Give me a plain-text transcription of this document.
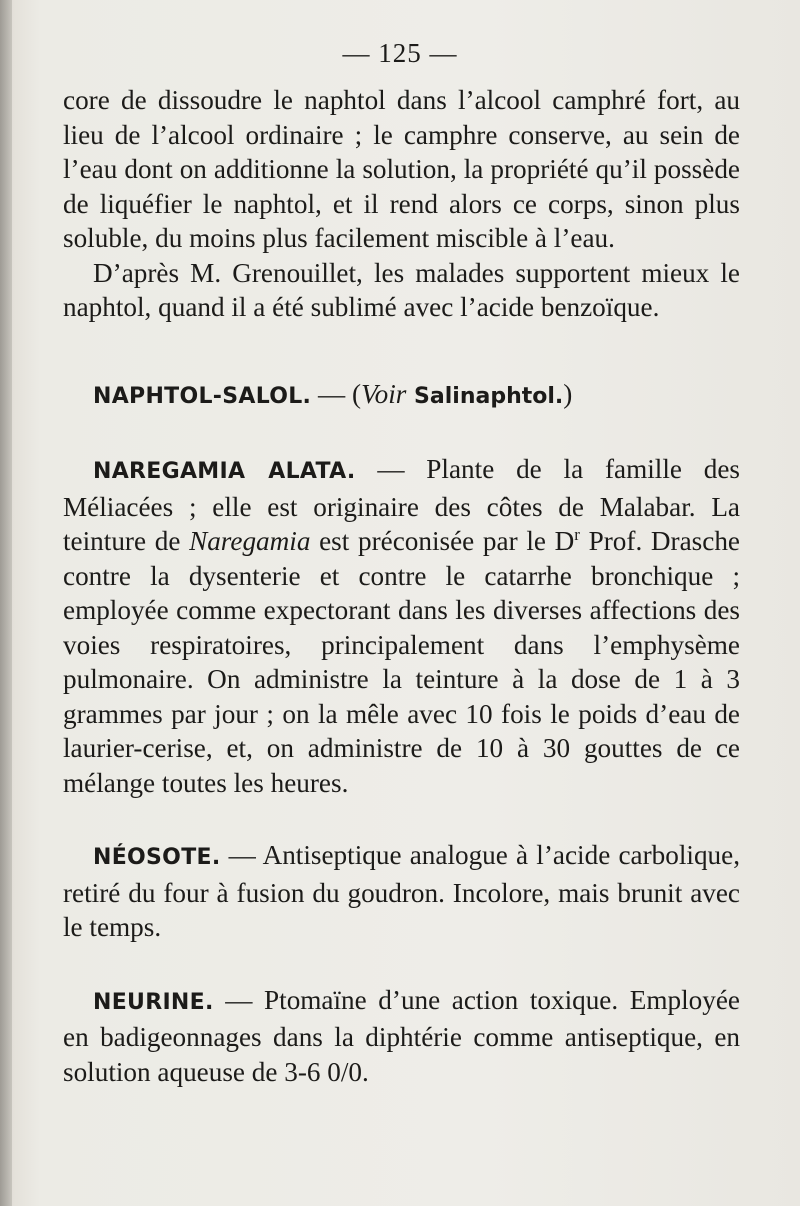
— 125 —

core de dissoudre le naphtol dans l’alcool camphré fort, au lieu de l’alcool ordinaire ; le camphre conserve, au sein de l’eau dont on additionne la solution, la propriété qu’il possède de liquéfier le naphtol, et il rend alors ce corps, sinon plus soluble, du moins plus facilement miscible à l’eau.

D’après M. Grenouillet, les malades supportent mieux le naphtol, quand il a été sublimé avec l’acide benzoïque.

NAPHTOL-SALOL. — (Voir Salinaphtol.)

NAREGAMIA ALATA. — Plante de la famille des Méliacées ; elle est originaire des côtes de Malabar. La teinture de Naregamia est préconisée par le $D^r$ Prof. Drasche contre la dysenterie et contre le catarrhe bronchique ; employée comme expectorant dans les diverses affections des voies respiratoires, principalement dans l’emphysème pulmonaire. On administre la teinture à la dose de 1 à 3 grammes par jour ; on la mêle avec 10 fois le poids d’eau de laurier-cerise, et, on administre de 10 à 30 gouttes de ce mélange toutes les heures.

NÉOSOTE. — Antiseptique analogue à l’acide carbolique, retiré du four à fusion du goudron. Incolore, mais brunit avec le temps.

NEURINE. — Ptomaïne d’une action toxique. Employée en badigeonnages dans la diphtérie comme antiseptique, en solution aqueuse de 3-6 0/0.
